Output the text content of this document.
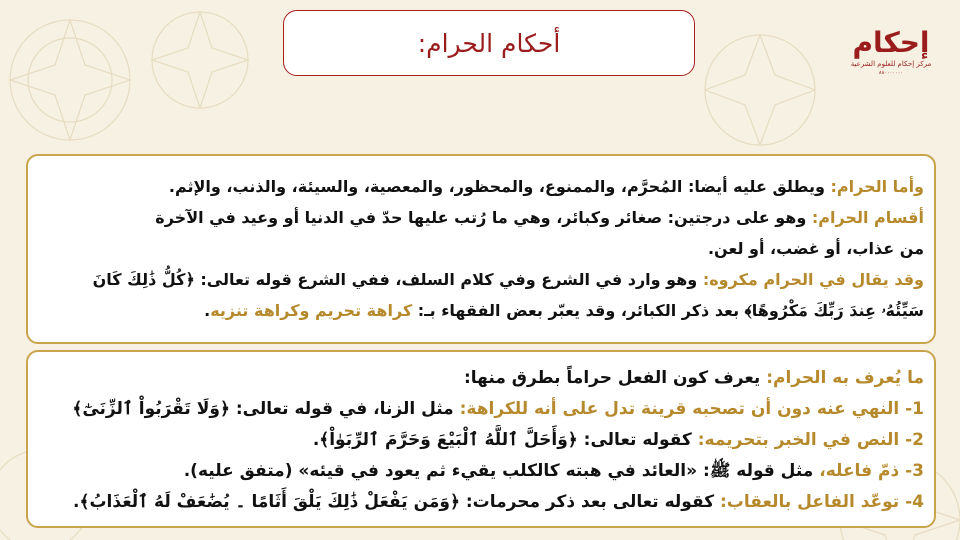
أحكام الحرام:	إحكام
مركز إحكام للعلوم الشرعية
٨٨٠٠٠٠٠٠٠
وأما الحرام: ويطلق عليه أيضا: المُحرَّم، والممنوع، والمحظور، والمعصية، والسيئة، والذنب، والإثم.
أقسام الحرام: وهو على درجتين: صغائر وكبائر، وهي ما رُتب عليها حدّ في الدنيا أو وعيد في الآخرة
من عذاب، أو غضب، أو لعن.
وقد يقال في الحرام مكروه: وهو وارد في الشرع وفي كلام السلف، ففي الشرع قوله تعالى: ﴿كُلُّ ذَٰلِكَ كَانَ
سَيِّئُهُۥ عِندَ رَبِّكَ مَكْرُوهًا﴾ بعد ذكر الكبائر، وقد يعبّر بعض الفقهاء بـ: كراهة تحريم وكراهة تنزيه.
ما يُعرف به الحرام: يعرف كون الفعل حراماً بطرق منها:
1- النهي عنه دون أن تصحبه قرينة تدل على أنه للكراهة: مثل الزنا، في قوله تعالى: ﴿وَلَا تَقْرَبُواْ ٱلزِّنَىٰٓ﴾
2- النص في الخبر بتحريمه: كقوله تعالى: ﴿وَأَحَلَّ ٱللَّهُ ٱلْبَيْعَ وَحَرَّمَ ٱلرِّبَوٰاْ﴾.
3- ذمّ فاعله، مثل قوله ﷺ: «العائد في هبته كالكلب يقيء ثم يعود في قيئه» (متفق عليه).
4- توعّد الفاعل بالعقاب: كقوله تعالى بعد ذكر محرمات: ﴿وَمَن يَفْعَلْ ذَٰلِكَ يَلْقَ أَثَامًا ۔ يُضَٰعَفْ لَهُ ٱلْعَذَابُ﴾.
